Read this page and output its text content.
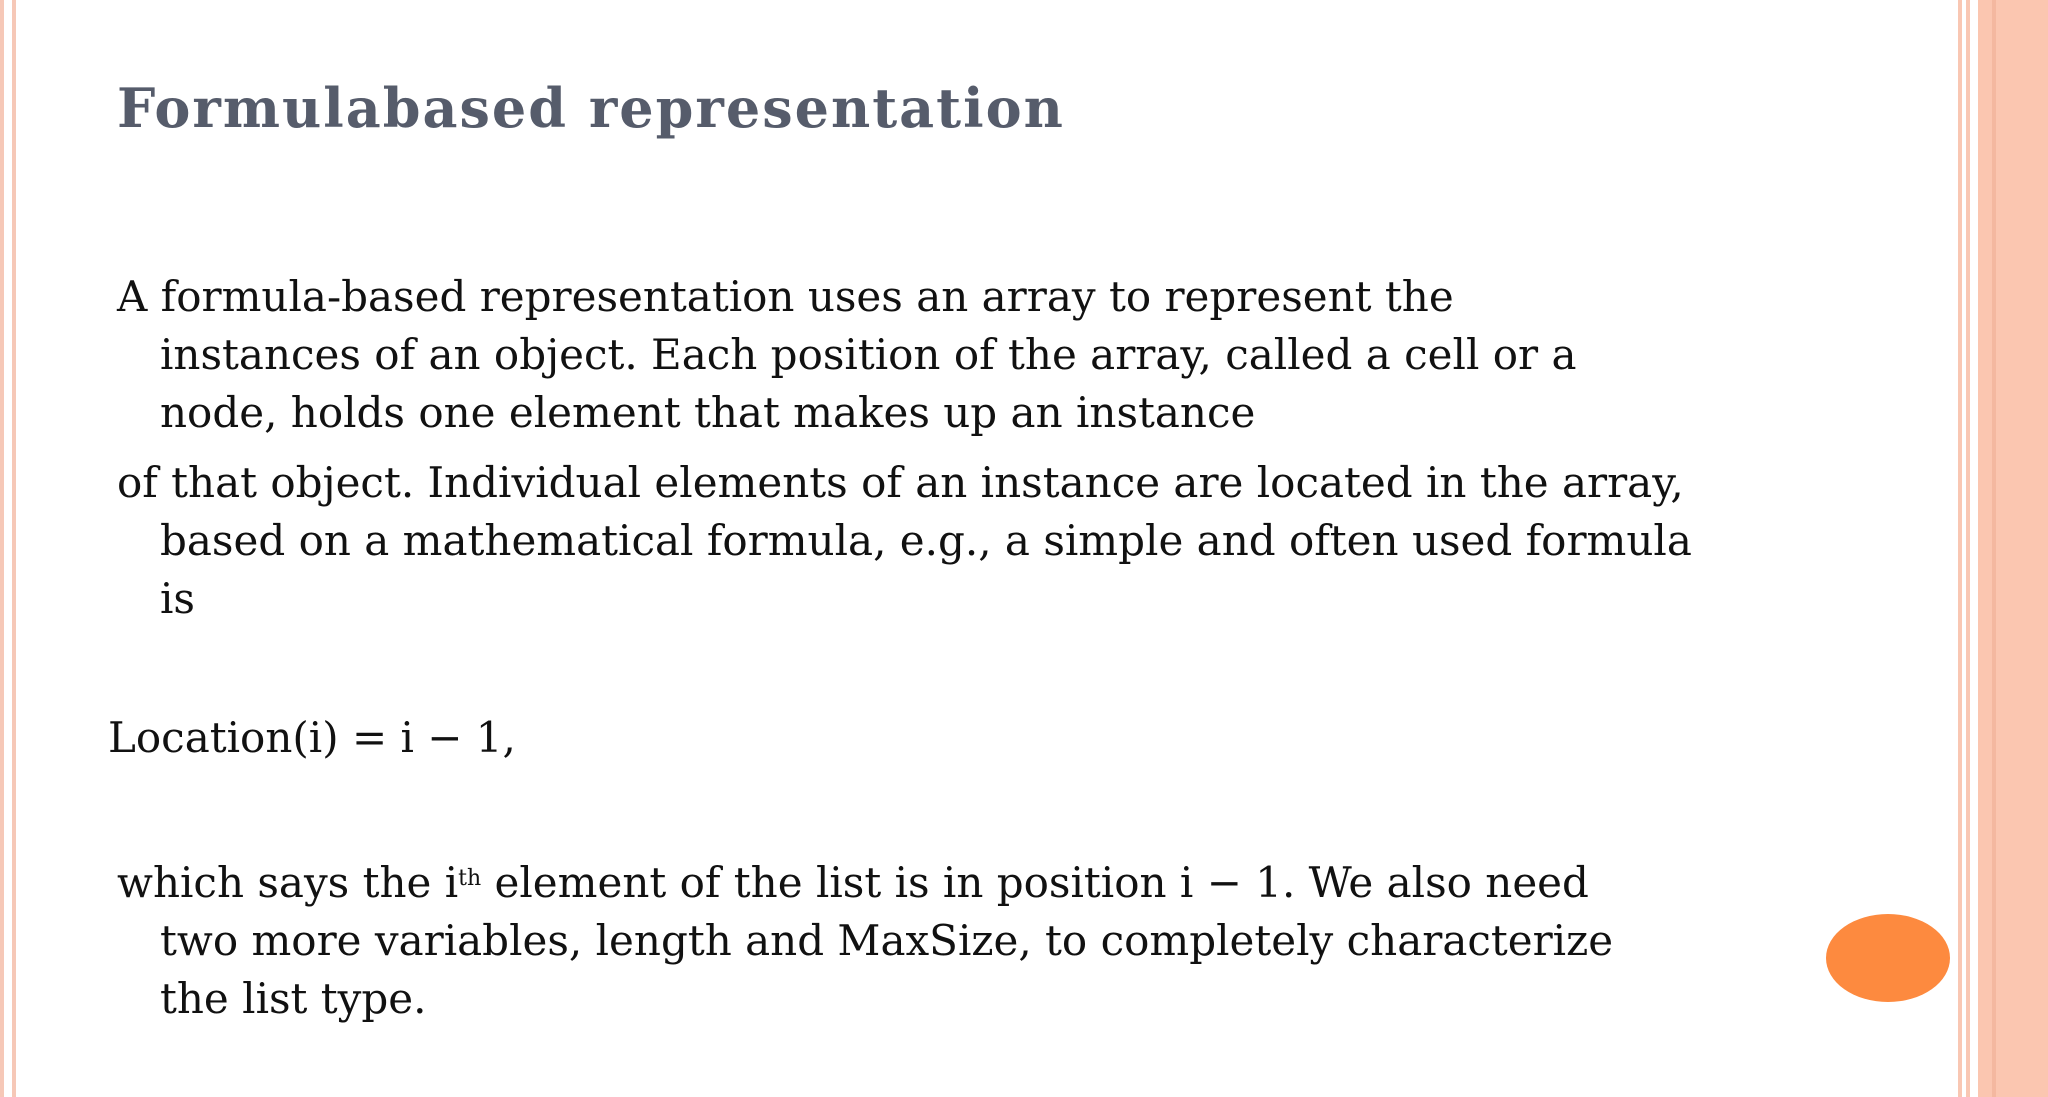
Formulabased representation
A formula-based representation uses an array to represent the
instances of an object. Each position of the array, called a cell or a
node, holds one element that makes up an instance
of that object. Individual elements of an instance are located in the array,
based on a mathematical formula, e.g., a simple and often used formula
is
Location(i) = i − 1,
which says the $i^{th}$ element of the list is in position i − 1. We also need
two more variables, length and MaxSize, to completely characterize
the list type.
